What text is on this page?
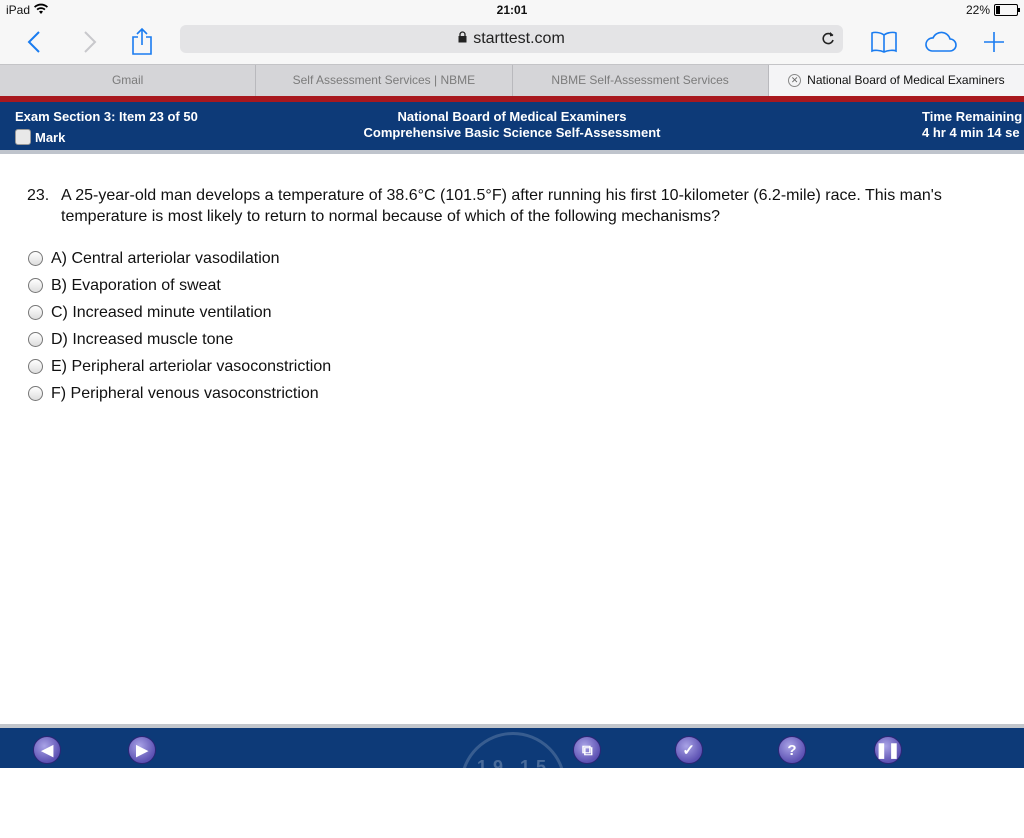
iPad	21:01	22%
starttest.com
Gmail	Self Assessment Services | NBME	NBME Self-Assessment Services	✕ National Board of Medical Examiners
Exam Section 3: Item 23 of 50
Mark
National Board of Medical Examiners
Comprehensive Basic Science Self-Assessment
Time Remaining
4 hr 4 min 14 se
23. A 25-year-old man develops a temperature of 38.6°C (101.5°F) after running his first 10-kilometer (6.2-mile) race. This man's temperature is most likely to return to normal because of which of the following mechanisms?
A) Central arteriolar vasodilation
B) Evaporation of sweat
C) Increased minute ventilation
D) Increased muscle tone
E) Peripheral arteriolar vasoconstriction
F) Peripheral venous vasoconstriction
19 15
◀
Previous
▶
Next
⧉
Lab Values
✓
Review
?
Help
❚❚
Pause
